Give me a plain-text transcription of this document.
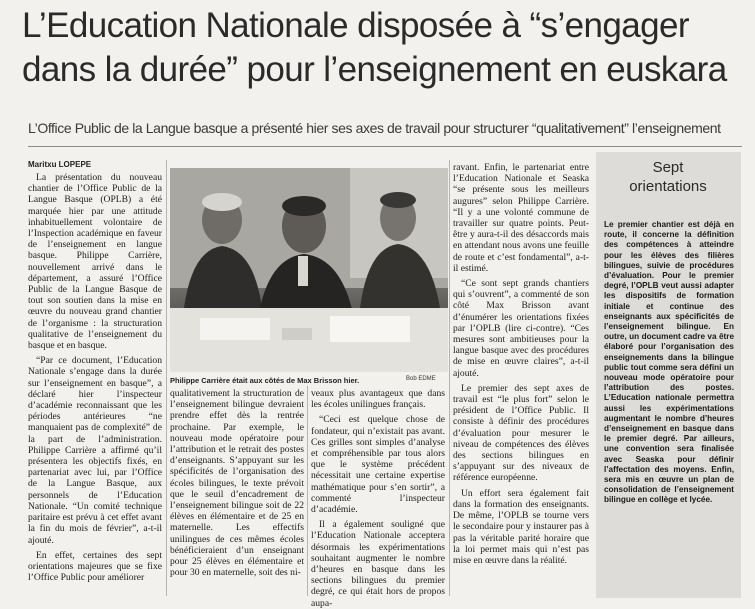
L’Education Nationale disposée à “s’engager
dans la durée” pour l’enseignement en euskara
L’Office Public de la Langue basque a présenté hier ses axes de travail pour structurer “qualitativement” l’enseignement
Maritxu LOPEPE

La présentation du nouveau chantier de l’Office Public de la Langue Basque (OPLB) a été marquée hier par une attitude inhabituellement volontaire de l’Inspection académique en faveur de l’enseignement en langue basque. Philippe Carrière, nouvellement arrivé dans le département, a assuré l’Office Public de la Langue Basque de tout son soutien dans la mise en œuvre du nouveau grand chantier de l’organisme : la structuration qualitative de l’enseignement du basque et en basque.

“Par ce document, l’Education Nationale s’engage dans la durée sur l’enseignement en basque”, a déclaré hier l’inspecteur d’académie reconnaissant que les périodes antérieures “ne manquaient pas de complexité” de la part de l’administration. Philippe Carrière a affirmé qu’il présentera les objectifs fixés, en partenariat avec lui, par l’Office de la Langue Basque, aux personnels de l’Education Nationale. “Un comité technique paritaire est prévu à cet effet avant la fin du mois de février”, a-t-il ajouté.

En effet, certaines des sept orientations majeures que se fixe l’Office Public pour améliorer

Philippe Carrière était aux côtés de Max Brisson hier.	Bob EDME

qualitativement la structuration de l’enseignement bilingue devraient prendre effet dès la rentrée prochaine. Par exemple, le nouveau mode opératoire pour l’attribution et le retrait des postes d’enseignants. S’appuyant sur les spécificités de l’organisation des écoles bilingues, le texte prévoit que le seuil d’encadrement de l’enseignement bilingue soit de 22 élèves en élémentaire et de 25 en maternelle. Les effectifs unilingues de ces mêmes écoles bénéficieraient d’un enseignant pour 25 élèves en élémentaire et pour 30 en maternelle, soit des ni-

veaux plus avantageux que dans les écoles unilingues français.

“Ceci est quelque chose de fondateur, qui n’existait pas avant. Ces grilles sont simples d’analyse et compréhensible par tous alors que le système précédent nécessitait une certaine expertise mathématique pour s’en sortir”, a commenté l’inspecteur d’académie.

Il a également souligné que l’Education Nationale acceptera désormais les expérimentations souhaitant augmenter le nombre d’heures en basque dans les sections bilingues du premier degré, ce qui était hors de propos aupa-

ravant. Enfin, le partenariat entre l’Education Nationale et Seaska “se présente sous les meilleurs augures” selon Philippe Carrière. “Il y a une volonté commune de travailler sur quatre points. Peut-être y aura-t-il des désaccords mais en attendant nous avons une feuille de route et c’est fondamental”, a-t-il estimé.

“Ce sont sept grands chantiers qui s’ouvrent”, a commenté de son côté Max Brisson avant d’énumérer les orientations fixées par l’OPLB (lire ci-contre). “Ces mesures sont ambitieuses pour la langue basque avec des procédures de mise en œuvre claires”, a-t-il ajouté.

Le premier des sept axes de travail est “le plus fort” selon le président de l’Office Public. Il consiste à définir des procédures d’évaluation pour mesurer le niveau de compétences des élèves des sections bilingues en s’appuyant sur des niveaux de référence européenne.

Un effort sera également fait dans la formation des enseignants. De même, l’OPLB se tourne vers le secondaire pour y instaurer pas à pas la véritable parité horaire que la loi permet mais qui n’est pas mise en œuvre dans la réalité.

Sept
orientations
Le premier chantier est déjà en route, il concerne la définition des compétences à atteindre pour les élèves des filières bilingues, suivie de procédures d’évaluation. Pour le premier degré, l’OPLB veut aussi adapter les dispositifs de formation initiale et continue des enseignants aux spécificités de l’enseignement bilingue. En outre, un document cadre va être élaboré pour l’organisation des enseignements dans la bilingue public tout comme sera défini un nouveau mode opératoire pour l’attribution des postes. L’Education nationale permettra aussi les expérimentations augmentant le nombre d’heures d’enseignement en basque dans le premier degré. Par ailleurs, une convention sera finalisée avec Seaska pour définir l’affectation des moyens. Enfin, sera mis en œuvre un plan de consolidation de l’enseignement bilingue en collège et lycée.
